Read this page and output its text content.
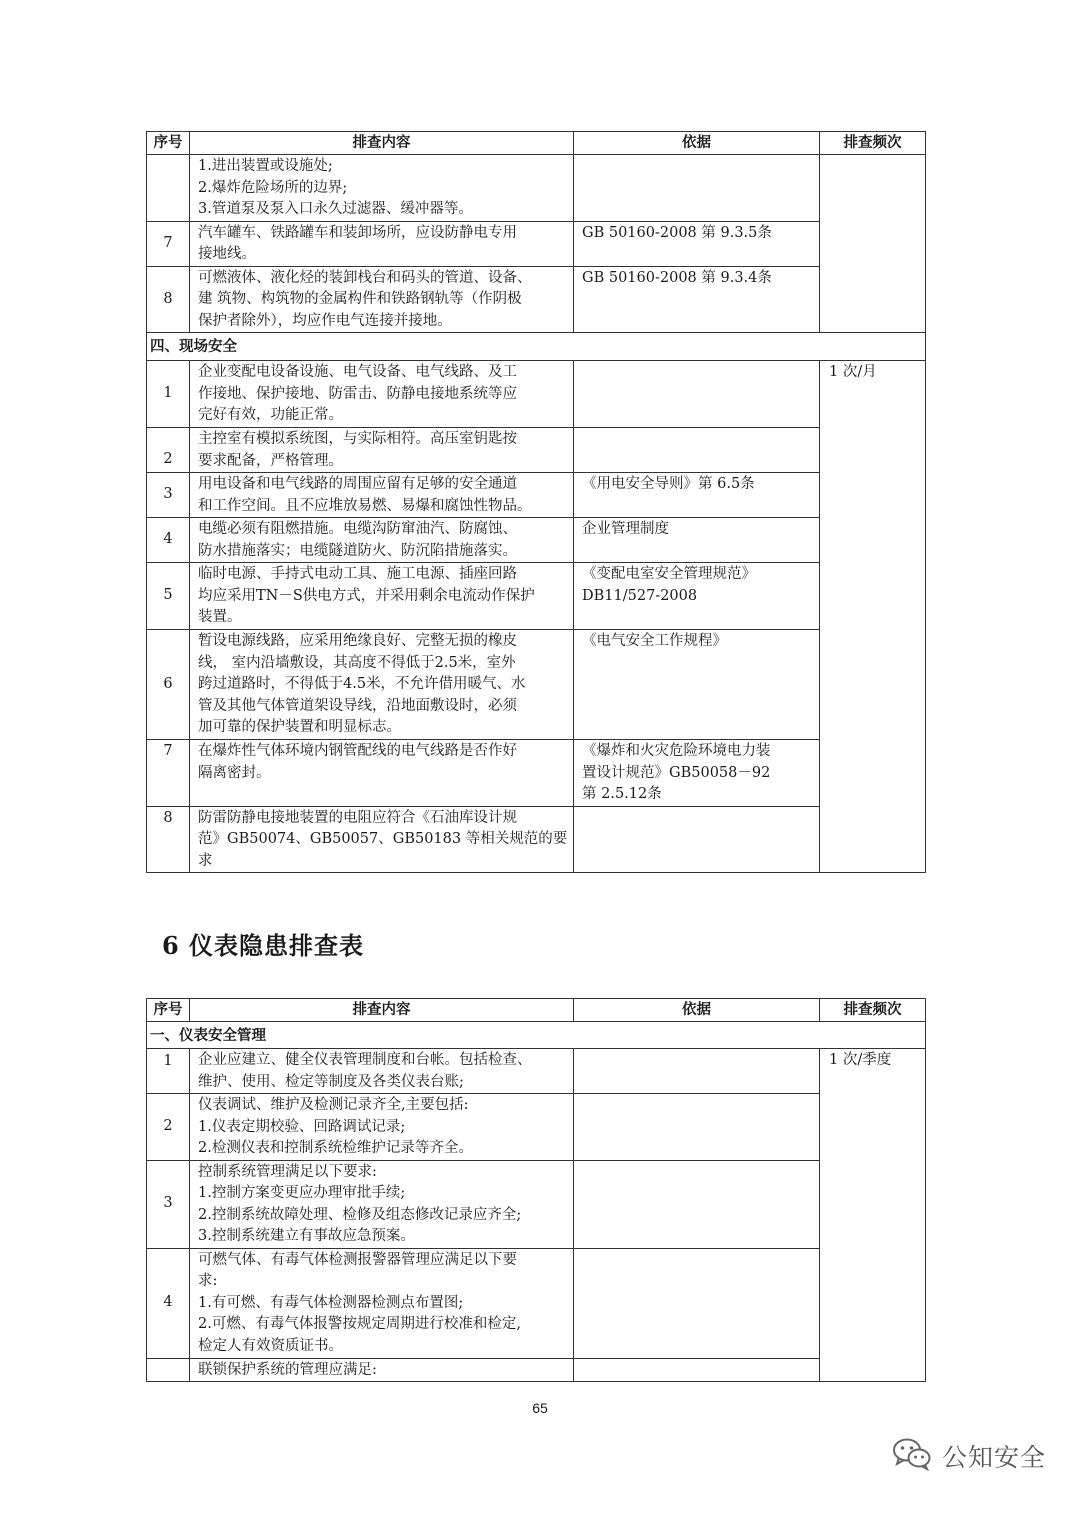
序号	排查内容	依据	排查频次

	1.进出装置或设施处;
2.爆炸危险场所的边界;
3.管道泵及泵入口永久过滤器、缓冲器等。		

7	汽车罐车、铁路罐车和装卸场所，应设防静电专用
接地线。	GB 50160-2008 第 9.3.5条	

8	可燃液体、液化烃的装卸栈台和码头的管道、设备、
建 筑物、构筑物的金属构件和铁路钢轨等（作阴极
保护者除外），均应作电气连接并接地。	GB 50160-2008 第 9.3.4条	

四、现场安全			
1	企业变配电设备设施、电气设备、电气线路、及工
作接地、保护接地、防雷击、防静电接地系统等应
完好有效，功能正常。		1 次/月
2	主控室有模拟系统图，与实际相符。高压室钥匙按
要求配备，严格管理。		

3	用电设备和电气线路的周围应留有足够的安全通道
和工作空间。且不应堆放易燃、易爆和腐蚀性物品。	《用电安全导则》第 6.5条	

4	电缆必须有阻燃措施。电缆沟防窜油汽、防腐蚀、
防水措施落实；电缆隧道防火、防沉陷措施落实。	企业管理制度	

5	临时电源、手持式电动工具、施工电源、插座回路
均应采用TN－S供电方式，并采用剩余电流动作保护
装置。	《变配电室安全管理规范》
DB11/527-2008	

6	暂设电源线路，应采用绝缘良好、完整无损的橡皮
线， 室内沿墙敷设，其高度不得低于2.5米，室外
跨过道路时，不得低于4.5米，不允许借用暖气、水
管及其他气体管道架设导线，沿地面敷设时，必须
加可靠的保护装置和明显标志。	《电气安全工作规程》	

7	在爆炸性气体环境内钢管配线的电气线路是否作好
隔离密封。	《爆炸和火灾危险环境电力装
置设计规范》GB50058－92
第 2.5.12条	

8	防雷防静电接地装置的电阻应符合《石油库设计规
范》GB50074、GB50057、GB50183 等相关规范的要
求		

6 仪表隐患排查表
序号	排查内容	依据	排查频次
一、仪表安全管理			
1	企业应建立、健全仪表管理制度和台帐。包括检查、
维护、使用、检定等制度及各类仪表台账;		1 次/季度
2	仪表调试、维护及检测记录齐全,主要包括:
1.仪表定期校验、回路调试记录;
2.检测仪表和控制系统检维护记录等齐全。		

3	控制系统管理满足以下要求:
1.控制方案变更应办理审批手续;
2.控制系统故障处理、检修及组态修改记录应齐全;
3.控制系统建立有事故应急预案。		

4	可燃气体、有毒气体检测报警器管理应满足以下要
求:
1.有可燃、有毒气体检测器检测点布置图;
2.可燃、有毒气体报警按规定周期进行校准和检定,
检定人有效资质证书。		

	联锁保护系统的管理应满足:		

65
公知安全
